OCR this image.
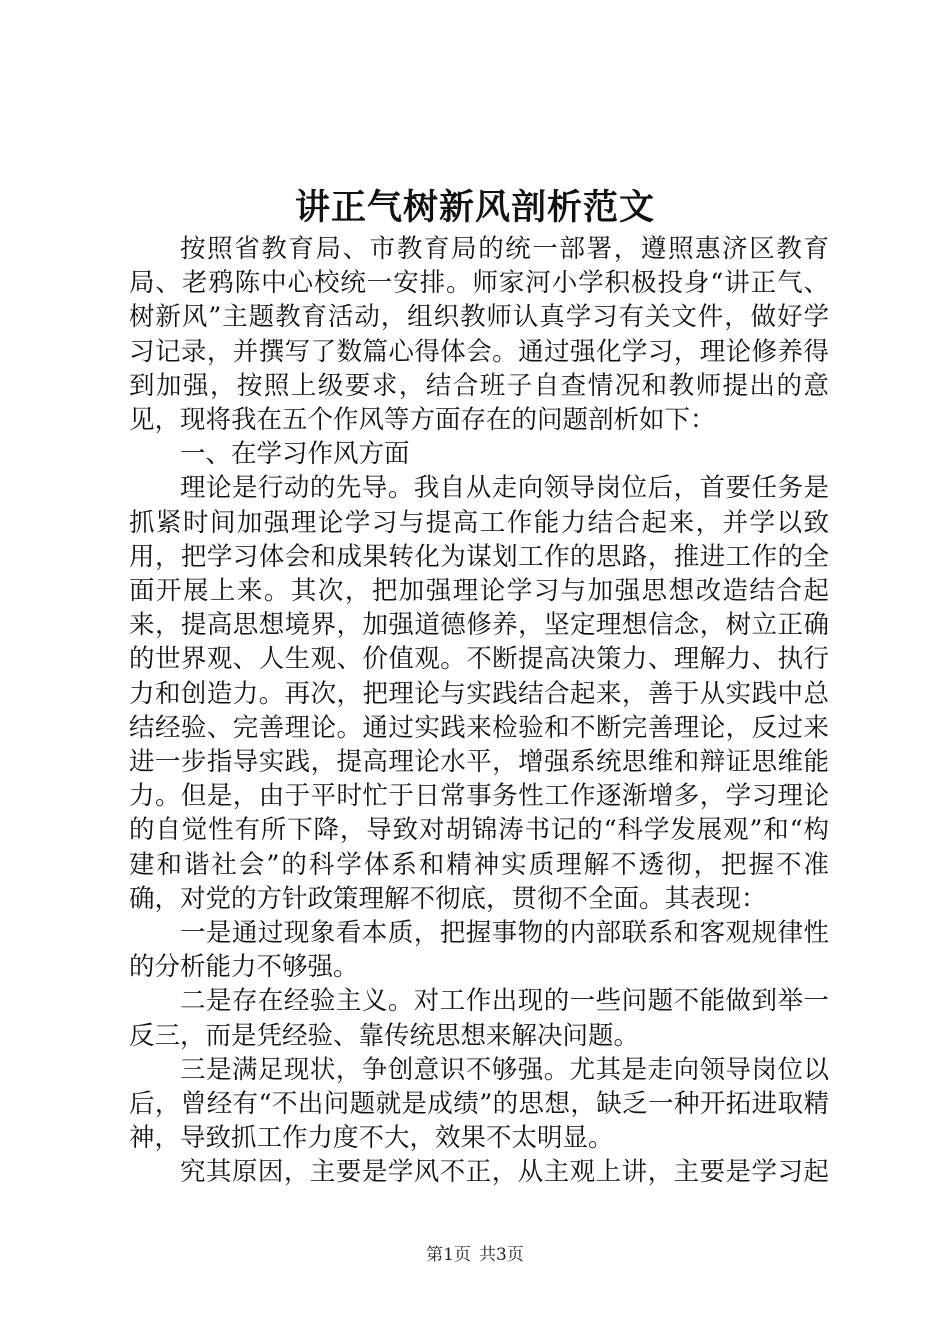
讲正气树新风剖析范文

按照省教育局、市教育局的统一部署，遵照惠济区教育局、老鸦陈中心校统一安排。师家河小学积极投身“讲正气、树新风”主题教育活动，组织教师认真学习有关文件，做好学习记录，并撰写了数篇心得体会。通过强化学习，理论修养得到加强，按照上级要求，结合班子自查情况和教师提出的意见，现将我在五个作风等方面存在的问题剖析如下：

一、在学习作风方面

理论是行动的先导。我自从走向领导岗位后，首要任务是抓紧时间加强理论学习与提高工作能力结合起来，并学以致用，把学习体会和成果转化为谋划工作的思路，推进工作的全面开展上来。其次，把加强理论学习与加强思想改造结合起来，提高思想境界，加强道德修养，坚定理想信念，树立正确的世界观、人生观、价值观。不断提高决策力、理解力、执行力和创造力。再次，把理论与实践结合起来，善于从实践中总结经验、完善理论。通过实践来检验和不断完善理论，反过来进一步指导实践，提高理论水平，增强系统思维和辩证思维能力。但是，由于平时忙于日常事务性工作逐渐增多，学习理论的自觉性有所下降，导致对胡锦涛书记的“科学发展观”和“构建和谐社会”的科学体系和精神实质理解不透彻，把握不准确，对党的方针政策理解不彻底，贯彻不全面。其表现：

一是通过现象看本质，把握事物的内部联系和客观规律性的分析能力不够强。

二是存在经验主义。对工作出现的一些问题不能做到举一反三，而是凭经验、靠传统思想来解决问题。

三是满足现状，争创意识不够强。尤其是走向领导岗位以后，曾经有“不出问题就是成绩”的思想，缺乏一种开拓进取精神，导致抓工作力度不大，效果不太明显。

究其原因，主要是学风不正，从主观上讲，主要是学习起

第1页 共3页
